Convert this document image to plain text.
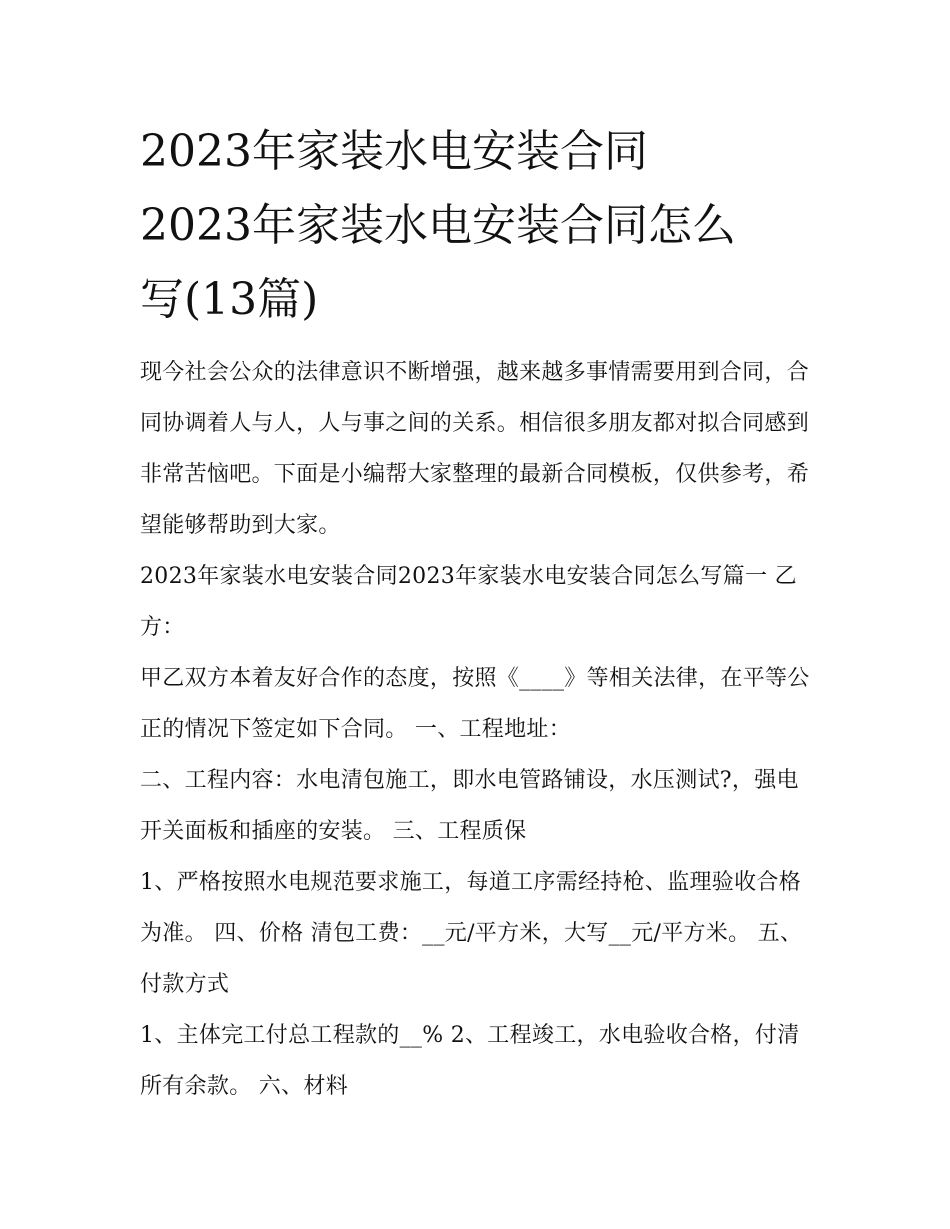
2023年家装水电安装合同
2023年家装水电安装合同怎么
写(13篇)

现今社会公众的法律意识不断增强，越来越多事情需要用到合同，合同协调着人与人，人与事之间的关系。相信很多朋友都对拟合同感到非常苦恼吧。下面是小编帮大家整理的最新合同模板，仅供参考，希望能够帮助到大家。

2023年家装水电安装合同2023年家装水电安装合同怎么写篇一 乙方：

甲乙双方本着友好合作的态度，按照《____》等相关法律，在平等公正的情况下签定如下合同。 一、工程地址：

二、工程内容：水电清包施工，即水电管路铺设，水压测试?，强电开关面板和插座的安装。 三、工程质保

1、严格按照水电规范要求施工，每道工序需经持枪、监理验收合格为准。 四、价格 清包工费：__元/平方米，大写__元/平方米。 五、付款方式

1、主体完工付总工程款的__% 2、工程竣工，水电验收合格，付清所有余款。 六、材料
